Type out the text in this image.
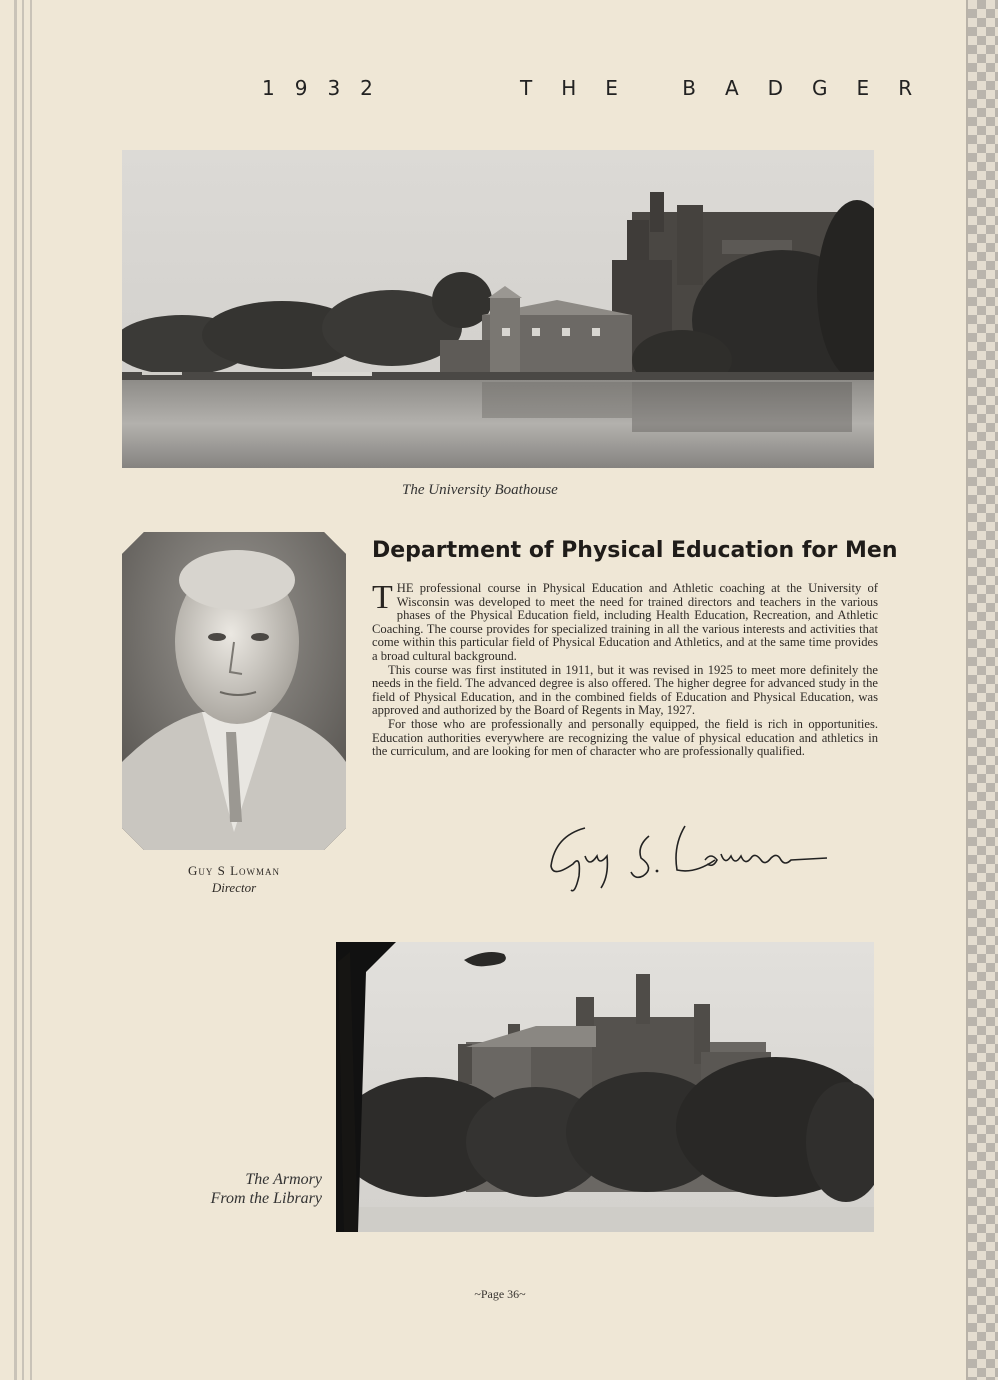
1932	THE BADGER
The University Boathouse
Guy S Lowman
Director
Department of Physical Education for Men

THE professional course in Physical Education and Athletic coaching at the University of Wisconsin was developed to meet the need for trained directors and teachers in the various phases of the Physical Education field, including Health Education, Recreation, and Athletic Coaching. The course provides for specialized training in all the various interests and activities that come within this particular field of Physical Education and Athletics, and at the same time provides a broad cultural background.

This course was first instituted in 1911, but it was revised in 1925 to meet more definitely the needs in the field. The advanced degree is also offered. The higher degree for advanced study in the field of Physical Education, and in the combined fields of Education and Physical Education, was approved and authorized by the Board of Regents in May, 1927.

For those who are professionally and personally equipped, the field is rich in opportunities. Education authorities everywhere are recognizing the value of physical education and athletics in the curriculum, and are looking for men of character who are professionally qualified.

The Armory
From the Library
~Page 36~
